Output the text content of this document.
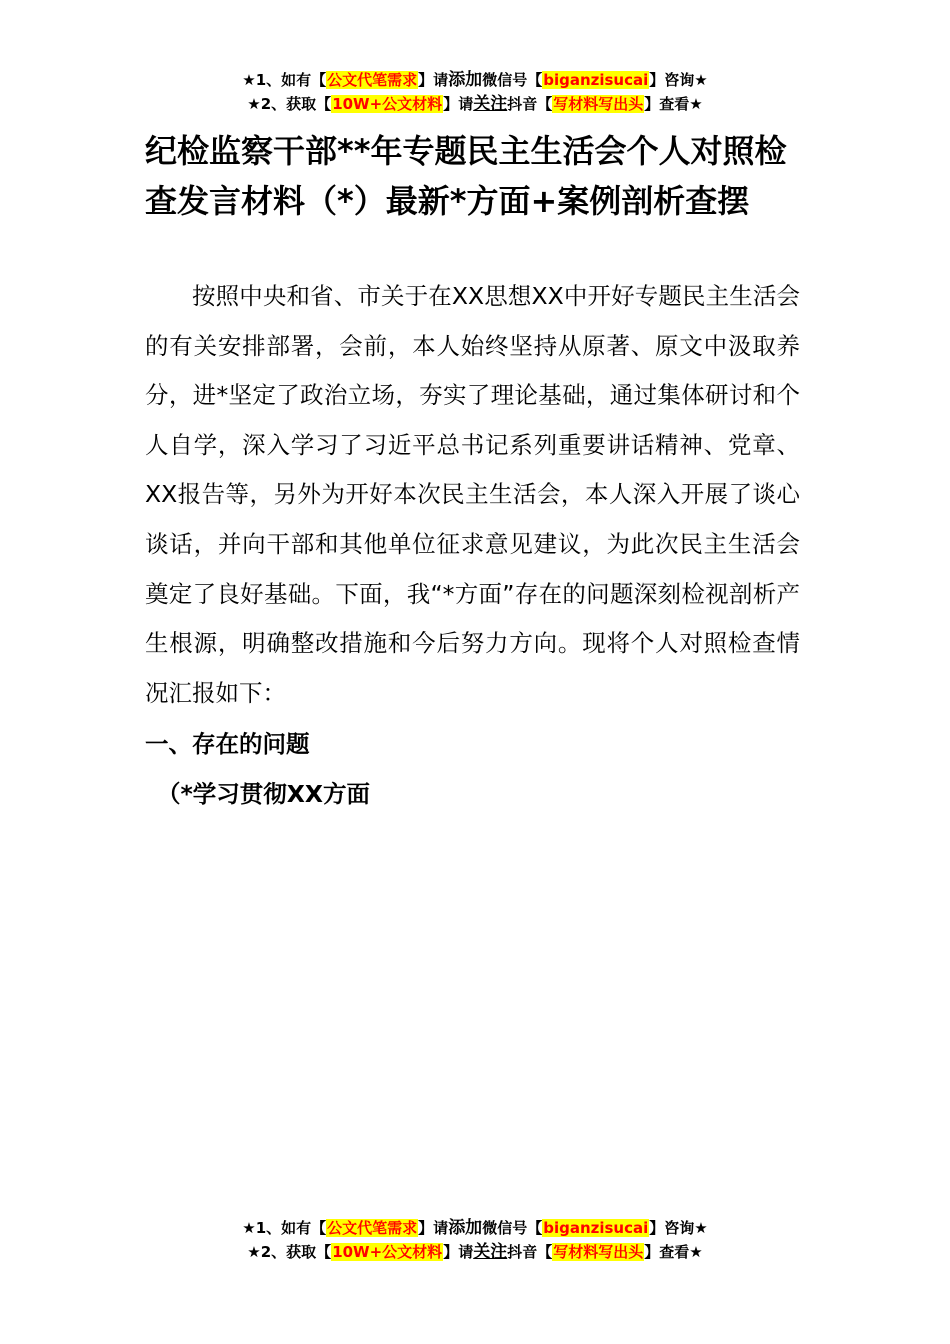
★1、如有【公文代笔需求】请添加微信号【biganzisucai】咨询★
★2、获取【10W+公文材料】请关注抖音【写材料写出头】查看★
纪检监察干部**年专题民主生活会个人对照检查发言材料（*）最新*方面+案例剖析查摆

按照中央和省、市关于在XX思想XX中开好专题民主生活会的有关安排部署，会前，本人始终坚持从原著、原文中汲取养分，进*坚定了政治立场，夯实了理论基础，通过集体研讨和个人自学，深入学习了习近平总书记系列重要讲话精神、党章、XX报告等，另外为开好本次民主生活会，本人深入开展了谈心谈话，并向干部和其他单位征求意见建议，为此次民主生活会奠定了良好基础。下面，我“*方面”存在的问题深刻检视剖析产生根源，明确整改措施和今后努力方向。现将个人对照检查情况汇报如下：

一、存在的问题

（*学习贯彻XX方面

★1、如有【公文代笔需求】请添加微信号【biganzisucai】咨询★
★2、获取【10W+公文材料】请关注抖音【写材料写出头】查看★
